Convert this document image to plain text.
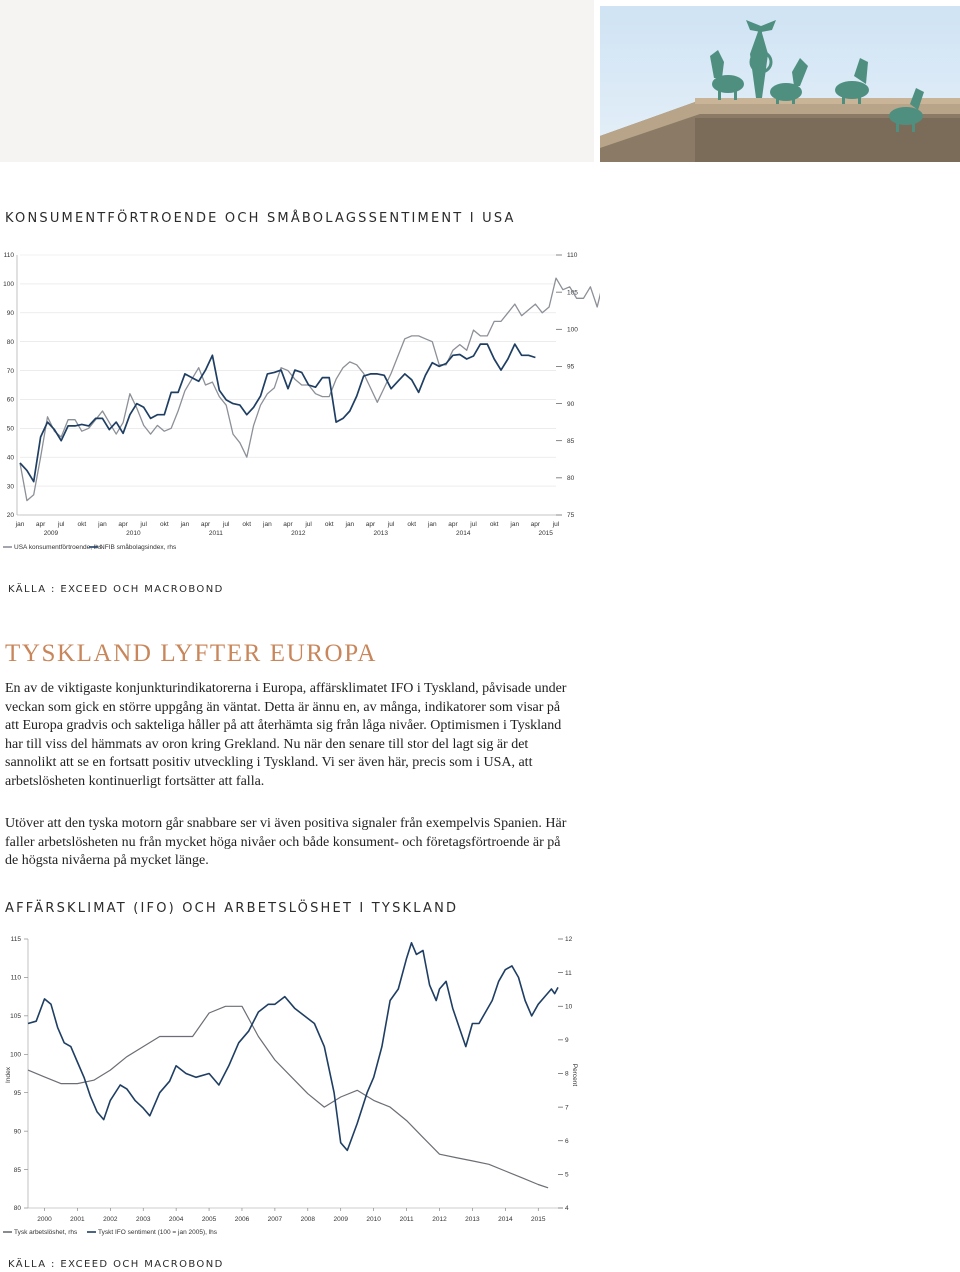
KONSUMENTFÖRTROENDE OCH SMÅBOLAGSSENTIMENT I USA
110
100
90
80
70
60
50
40
30
20
110
105
100
95
90
85
80
75
jan apr jul okt jan apr jul okt jan apr jul okt jan apr jul okt jan apr jul okt jan apr jul okt jan apr jul
2009	2010	2011	2012	2013	2014	2015
USA konsumentförtroende, lhs
NFIB småbolagsindex, rhs

KÄLLA : EXCEED OCH MACROBOND

TYSKLAND LYFTER EUROPA

En av de viktigaste konjunkturindikatorerna i Europa, affärsklimatet IFO i Tyskland, påvisade under veckan som gick en större uppgång än väntat. Detta är ännu en, av många, indikatorer som visar på att Europa gradvis och sakteliga håller på att återhämta sig från låga nivåer. Optimismen i Tyskland har till viss del hämmats av oron kring Grekland. Nu när den senare till stor del lagt sig är det sannolikt att se en fortsatt positiv utveckling i Tyskland. Vi ser även här, precis som i USA, att arbetslösheten kontinuerligt fortsätter att falla.

Utöver att den tyska motorn går snabbare ser vi även positiva signaler från exempelvis Spanien. Här faller arbetslösheten nu från mycket höga nivåer och både konsument- och företagsförtroende är på de högsta nivåerna på mycket länge.

AFFÄRSKLIMAT (IFO) OCH ARBETSLÖSHET I TYSKLAND
115
110
105
100
95
90
85
80
12
11
10
9
8
7
6
5
4
2000	2001	2002	2003	2004	2005	2006	2007	2008	2009	2010	2011	2012	2013	2014	2015
Index	Percent
Tysk arbetslöshet, rhs	Tyskt IFO sentiment (100 = jan 2005), lhs

KÄLLA : EXCEED OCH MACROBOND
